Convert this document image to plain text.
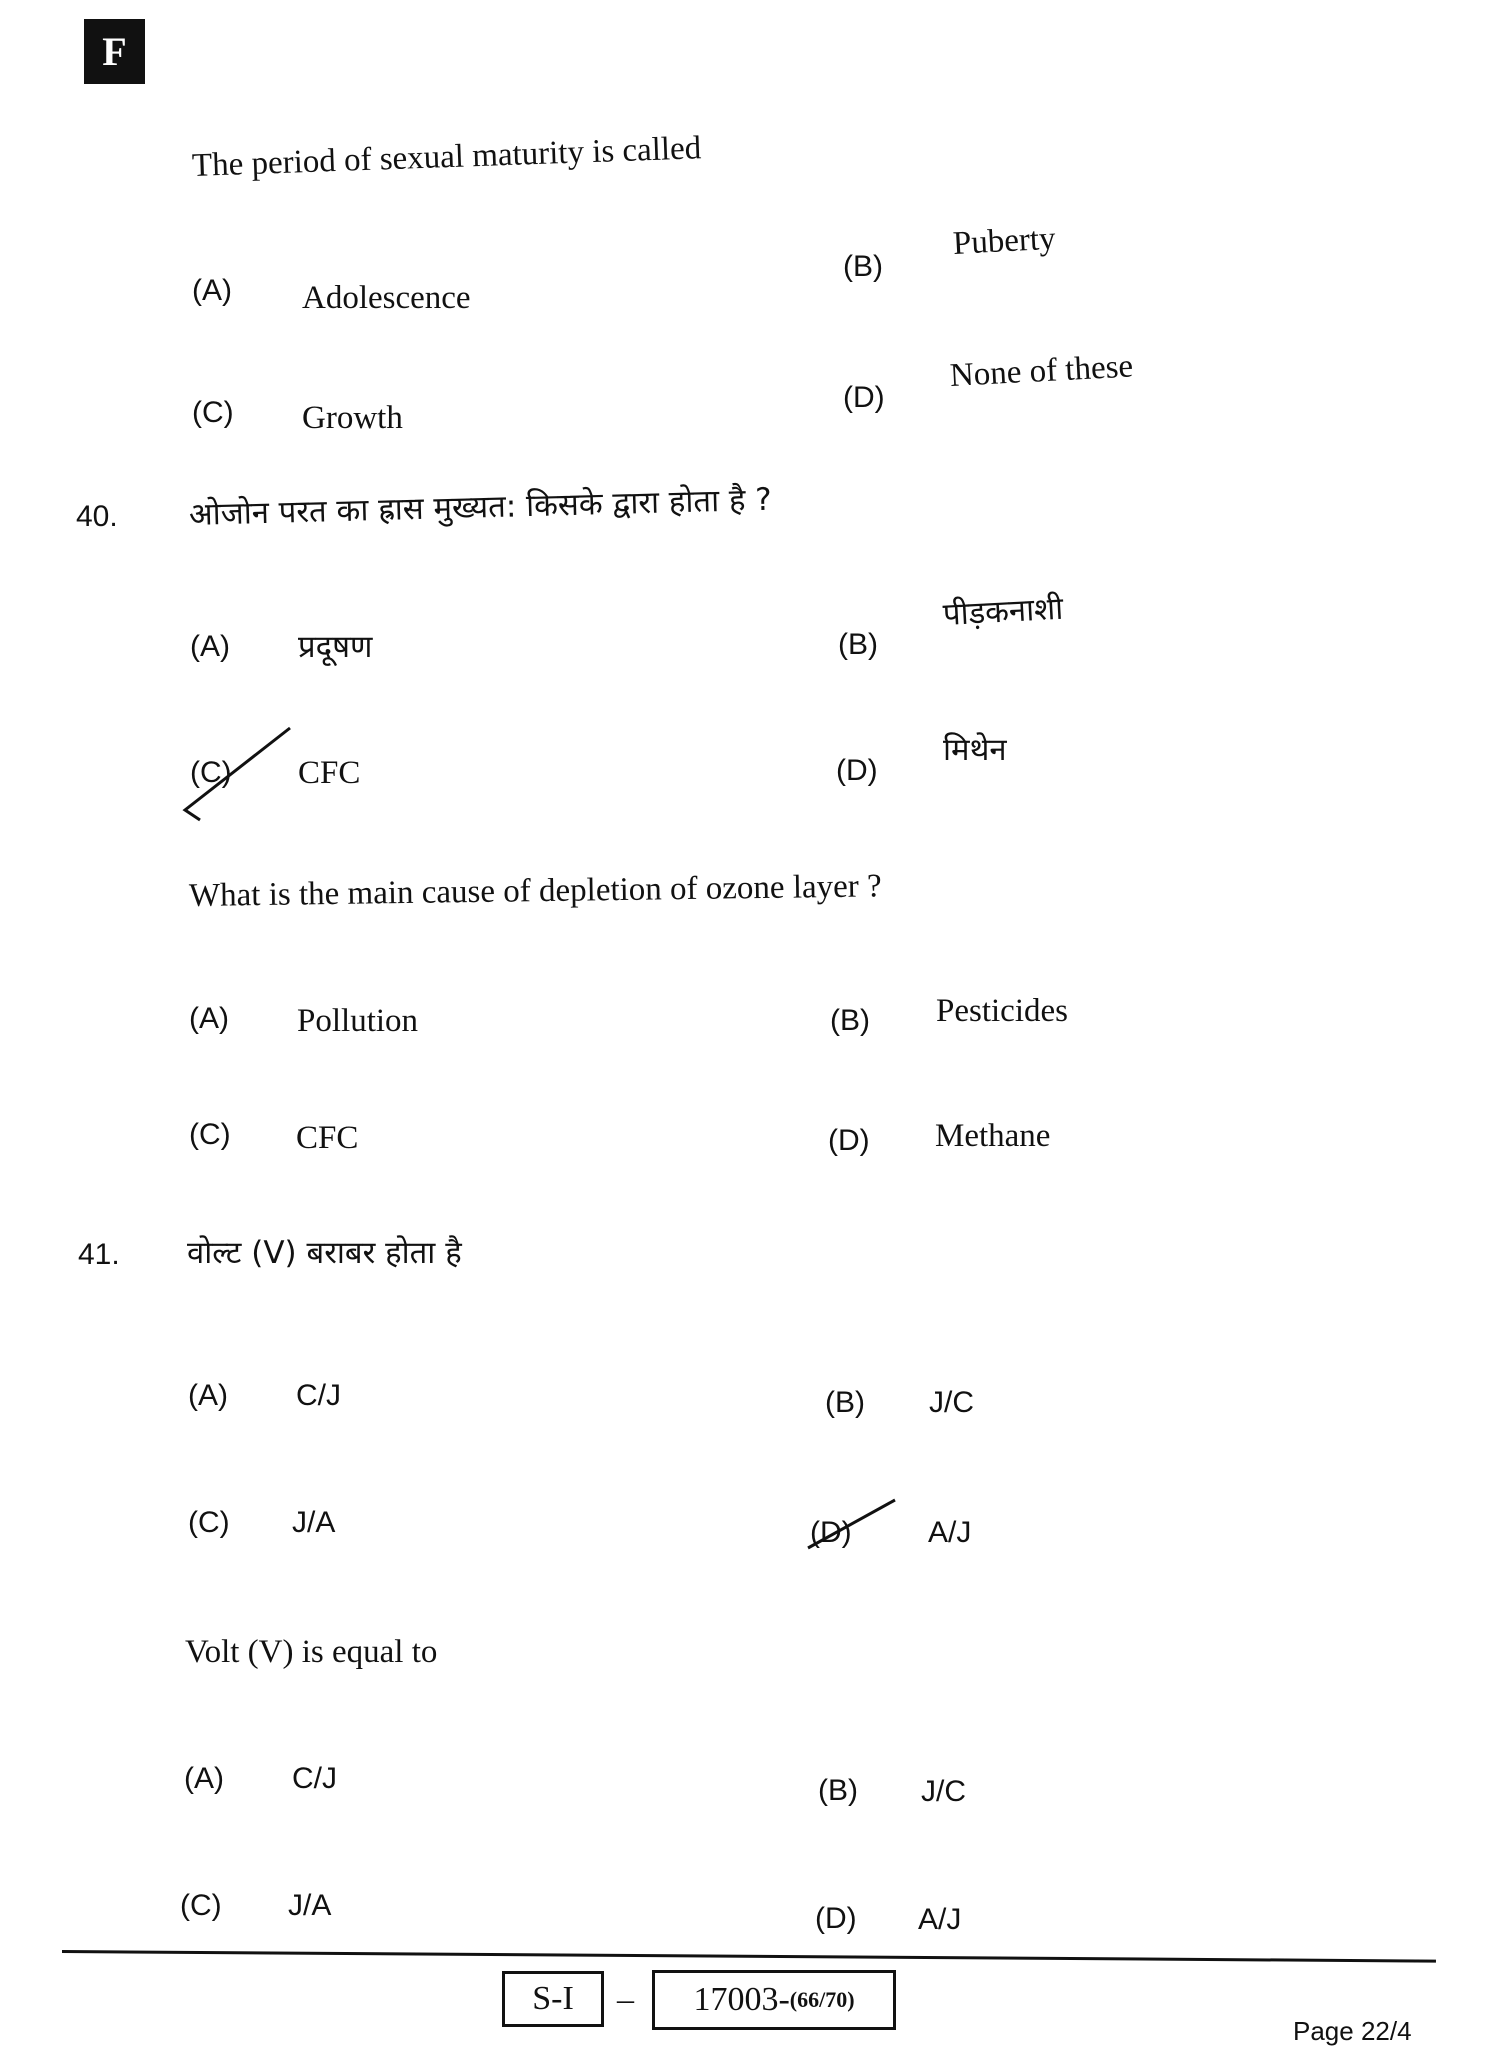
F
The period of sexual maturity is called
(A) Adolescence
(B)
Puberty
(C) Growth
(D)
None of these
40. ओजोन परत का ह्रास मुख्यत: किसके द्वारा होता है ?
(A) प्रदूषण	(B)
पीड़कनाशी
(C) CFC	(D)
मिथेन
What is the main cause of depletion of ozone layer ?
(A) Pollution	(B) Pesticides
(C) CFC	(D) Methane
41. वोल्ट (V) बराबर होता है
(A) C/J	(B) J/C
(C) J/A	(D)	A/J
Volt (V) is equal to
(A) C/J	(B) J/C
(C) J/A	(D) A/J
S-I – 17003- (66/70)
Page 22/4
